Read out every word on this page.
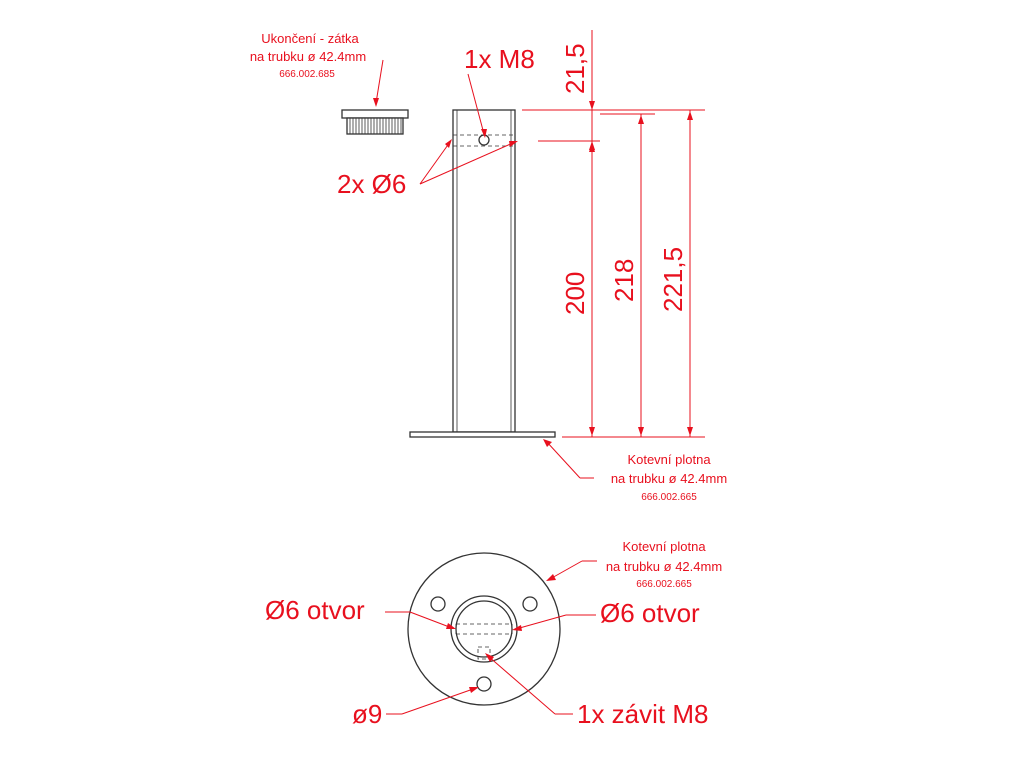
Ukončení - zátka
na trubku ø 42.4mm
666.002.685
1x M8
2x Ø6
21,5
200 218 221,5
Kotevní plotna
na trubku ø 42.4mm
666.002.665
Kotevní plotna
na trubku ø 42.4mm
666.002.665
Ø6 otvor	Ø6 otvor
ø9	1x závit M8
